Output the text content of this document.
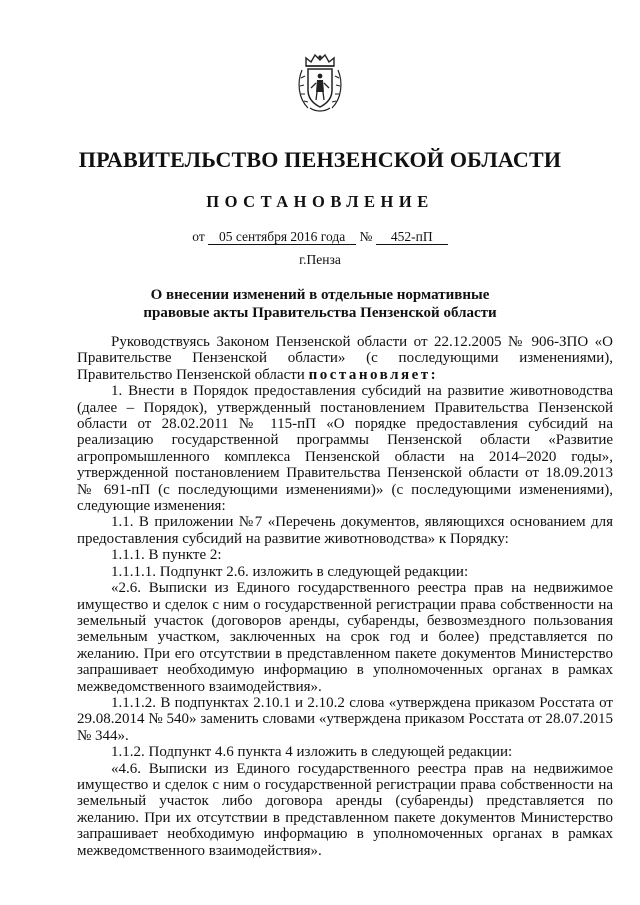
ПРАВИТЕЛЬСТВО ПЕНЗЕНСКОЙ ОБЛАСТИ
ПОСТАНОВЛЕНИЕ
от 05 сентября 2016 года № 452-пП
г.Пенза
О внесении изменений в отдельные нормативные
правовые акты Правительства Пензенской области

Руководствуясь Законом Пензенской области от 22.12.2005 № 906-ЗПО «О Правительстве Пензенской области» (с последующими изменениями), Правительство Пензенской области постановляет:

1. Внести в Порядок предоставления субсидий на развитие животноводства (далее – Порядок), утвержденный постановлением Правительства Пензенской области от 28.02.2011 № 115-пП «О порядке предоставления субсидий на реализацию государственной программы Пензенской области «Развитие агропромышленного комплекса Пензенской области на 2014–2020 годы», утвержденной постановлением Правительства Пензенской области от 18.09.2013 № 691-пП (с последующими изменениями)» (с последующими изменениями), следующие изменения:

1.1. В приложении №7 «Перечень документов, являющихся основанием для предоставления субсидий на развитие животноводства» к Порядку:

1.1.1. В пункте 2:

1.1.1.1. Подпункт 2.6. изложить в следующей редакции:

«2.6. Выписки из Единого государственного реестра прав на недвижимое имущество и сделок с ним о государственной регистрации права собственности на земельный участок (договоров аренды, субаренды, безвозмездного пользования земельным участком, заключенных на срок год и более) представляется по желанию. При его отсутствии в представленном пакете документов Министерство запрашивает необходимую информацию в уполномоченных органах в рамках межведомственного взаимодействия».

1.1.1.2. В подпунктах 2.10.1 и 2.10.2 слова «утверждена приказом Росстата от 29.08.2014 № 540» заменить словами «утверждена приказом Росстата от 28.07.2015 № 344».

1.1.2. Подпункт 4.6 пункта 4 изложить в следующей редакции:

«4.6. Выписки из Единого государственного реестра прав на недвижимое имущество и сделок с ним о государственной регистрации права собственности на земельный участок либо договора аренды (субаренды) представляется по желанию. При их отсутствии в представленном пакете документов Министерство запрашивает необходимую информацию в уполномоченных органах в рамках межведомственного взаимодействия».
